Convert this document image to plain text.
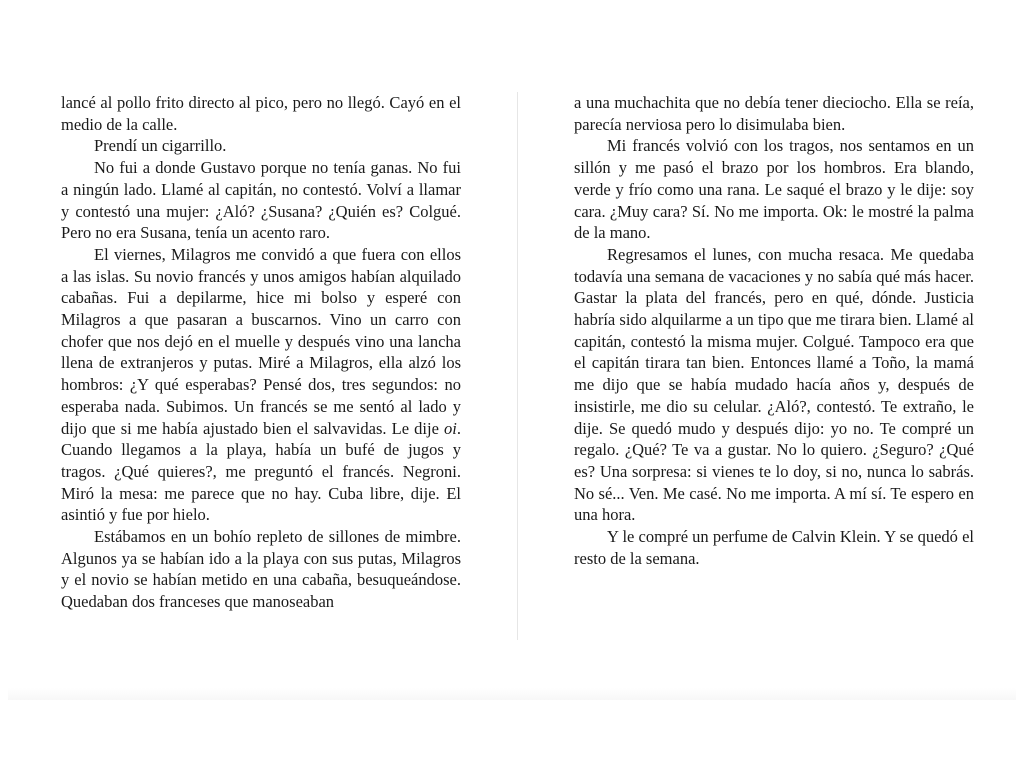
lancé al pollo frito directo al pico, pero no llegó. Cayó en el medio de la calle.

Prendí un cigarrillo.

No fui a donde Gustavo porque no tenía ganas. No fui a ningún lado. Llamé al capitán, no contestó. Volví a llamar y contestó una mujer: ¿Aló? ¿Susana? ¿Quién es? Colgué. Pero no era Susana, tenía un acento raro.

El viernes, Milagros me convidó a que fuera con ellos a las islas. Su novio francés y unos amigos habían alquilado cabañas. Fui a depilarme, hice mi bolso y esperé con Milagros a que pasaran a buscarnos. Vino un carro con chofer que nos dejó en el muelle y después vino una lancha llena de extranjeros y putas. Miré a Milagros, ella alzó los hombros: ¿Y qué esperabas? Pensé dos, tres segundos: no esperaba nada. Subimos. Un francés se me sentó al lado y dijo que si me había ajustado bien el salvavidas. Le dije oi. Cuando llegamos a la playa, había un bufé de jugos y tragos. ¿Qué quieres?, me preguntó el francés. Negroni. Miró la mesa: me parece que no hay. Cuba libre, dije. El asintió y fue por hielo.

Estábamos en un bohío repleto de sillones de mimbre. Algunos ya se habían ido a la playa con sus putas, Milagros y el novio se habían metido en una cabaña, besuqueándose. Quedaban dos franceses que manoseaban

a una muchachita que no debía tener dieciocho. Ella se reía, parecía nerviosa pero lo disimulaba bien.

Mi francés volvió con los tragos, nos sentamos en un sillón y me pasó el brazo por los hombros. Era blando, verde y frío como una rana. Le saqué el brazo y le dije: soy cara. ¿Muy cara? Sí. No me importa. Ok: le mostré la palma de la mano.

Regresamos el lunes, con mucha resaca. Me quedaba todavía una semana de vacaciones y no sabía qué más hacer. Gastar la plata del francés, pero en qué, dónde. Justicia habría sido alquilarme a un tipo que me tirara bien. Llamé al capitán, contestó la misma mujer. Colgué. Tampoco era que el capitán tirara tan bien. Entonces llamé a Toño, la mamá me dijo que se había mudado hacía años y, después de insistirle, me dio su celular. ¿Aló?, contestó. Te extraño, le dije. Se quedó mudo y después dijo: yo no. Te compré un regalo. ¿Qué? Te va a gustar. No lo quiero. ¿Seguro? ¿Qué es? Una sorpresa: si vienes te lo doy, si no, nunca lo sabrás. No sé... Ven. Me casé. No me importa. A mí sí. Te espero en una hora.

Y le compré un perfume de Calvin Klein. Y se quedó el resto de la semana.
